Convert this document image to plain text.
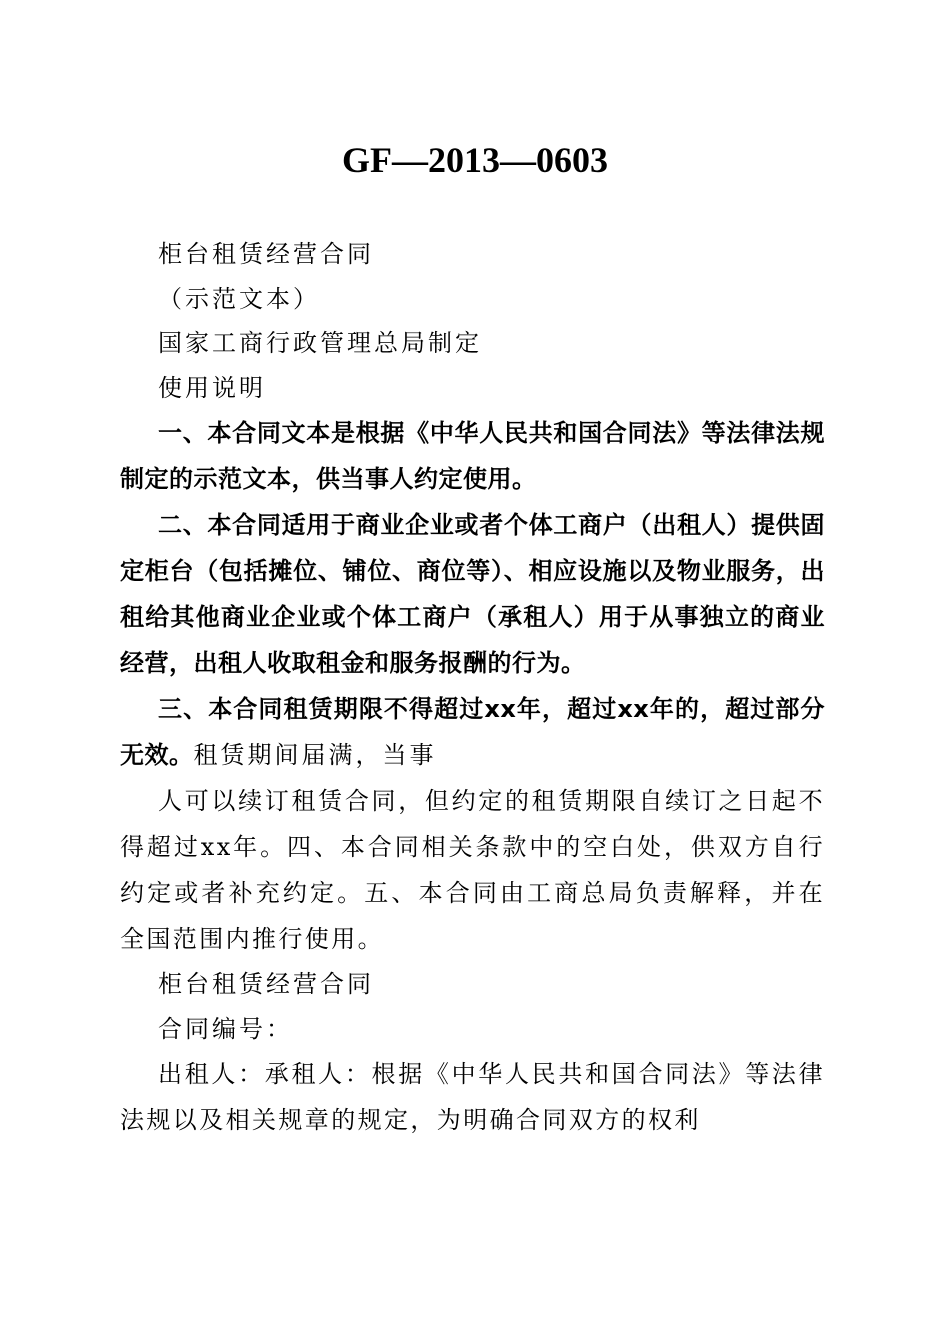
GF—2013—0603

柜台租赁经营合同

（示范文本）

国家工商行政管理总局制定

使用说明

一、本合同文本是根据《中华人民共和国合同法》等法律法规制定的示范文本，供当事人约定使用。

二、本合同适用于商业企业或者个体工商户（出租人）提供固定柜台（包括摊位、铺位、商位等）、相应设施以及物业服务，出租给其他商业企业或个体工商户（承租人）用于从事独立的商业经营，出租人收取租金和服务报酬的行为。

三、本合同租赁期限不得超过xx年，超过xx年的，超过部分无效。租赁期间届满，当事

人可以续订租赁合同，但约定的租赁期限自续订之日起不得超过xx年。四、本合同相关条款中的空白处，供双方自行约定或者补充约定。五、本合同由工商总局负责解释，并在全国范围内推行使用。

柜台租赁经营合同

合同编号：

出租人：承租人：根据《中华人民共和国合同法》等法律法规以及相关规章的规定，为明确合同双方的权利
